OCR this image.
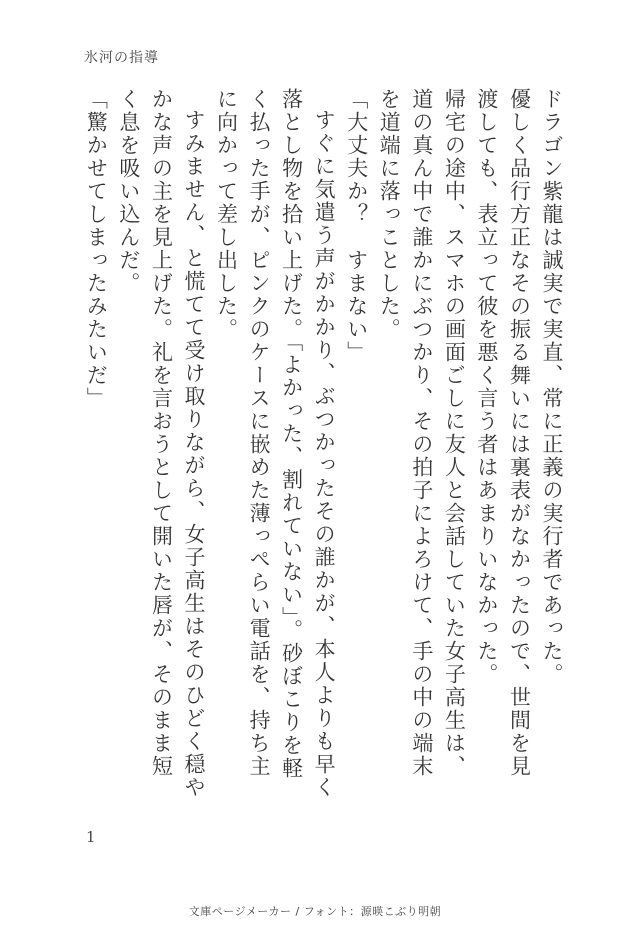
氷河の指導

ドラゴン紫龍は誠実で実直、常に正義の実行者であった。

優しく品行方正なその振る舞いには裏表がなかったので、世間を見渡しても、表立って彼を悪く言う者はあまりいなかった。

帰宅の途中、スマホの画面ごしに友人と会話していた女子高生は、道の真ん中で誰かにぶつかり、その拍子によろけて、手の中の端末を道端に落っことした。

「大丈夫か？　すまない」

すぐに気遣う声がかかり、ぶつかったその誰かが、本人よりも早く落とし物を拾い上げた。「よかった、割れていない」。砂ぼこりを軽く払った手が、ピンクのケースに嵌めた薄っぺらい電話を、持ち主に向かって差し出した。

すみません、と慌てて受け取りながら、女子高生はそのひどく穏やかな声の主を見上げた。礼を言おうとして開いた唇が、そのまま短く息を吸い込んだ。

「驚かせてしまったみたいだ」

1
文庫ページメーカー / フォント：源暎こぶり明朝
